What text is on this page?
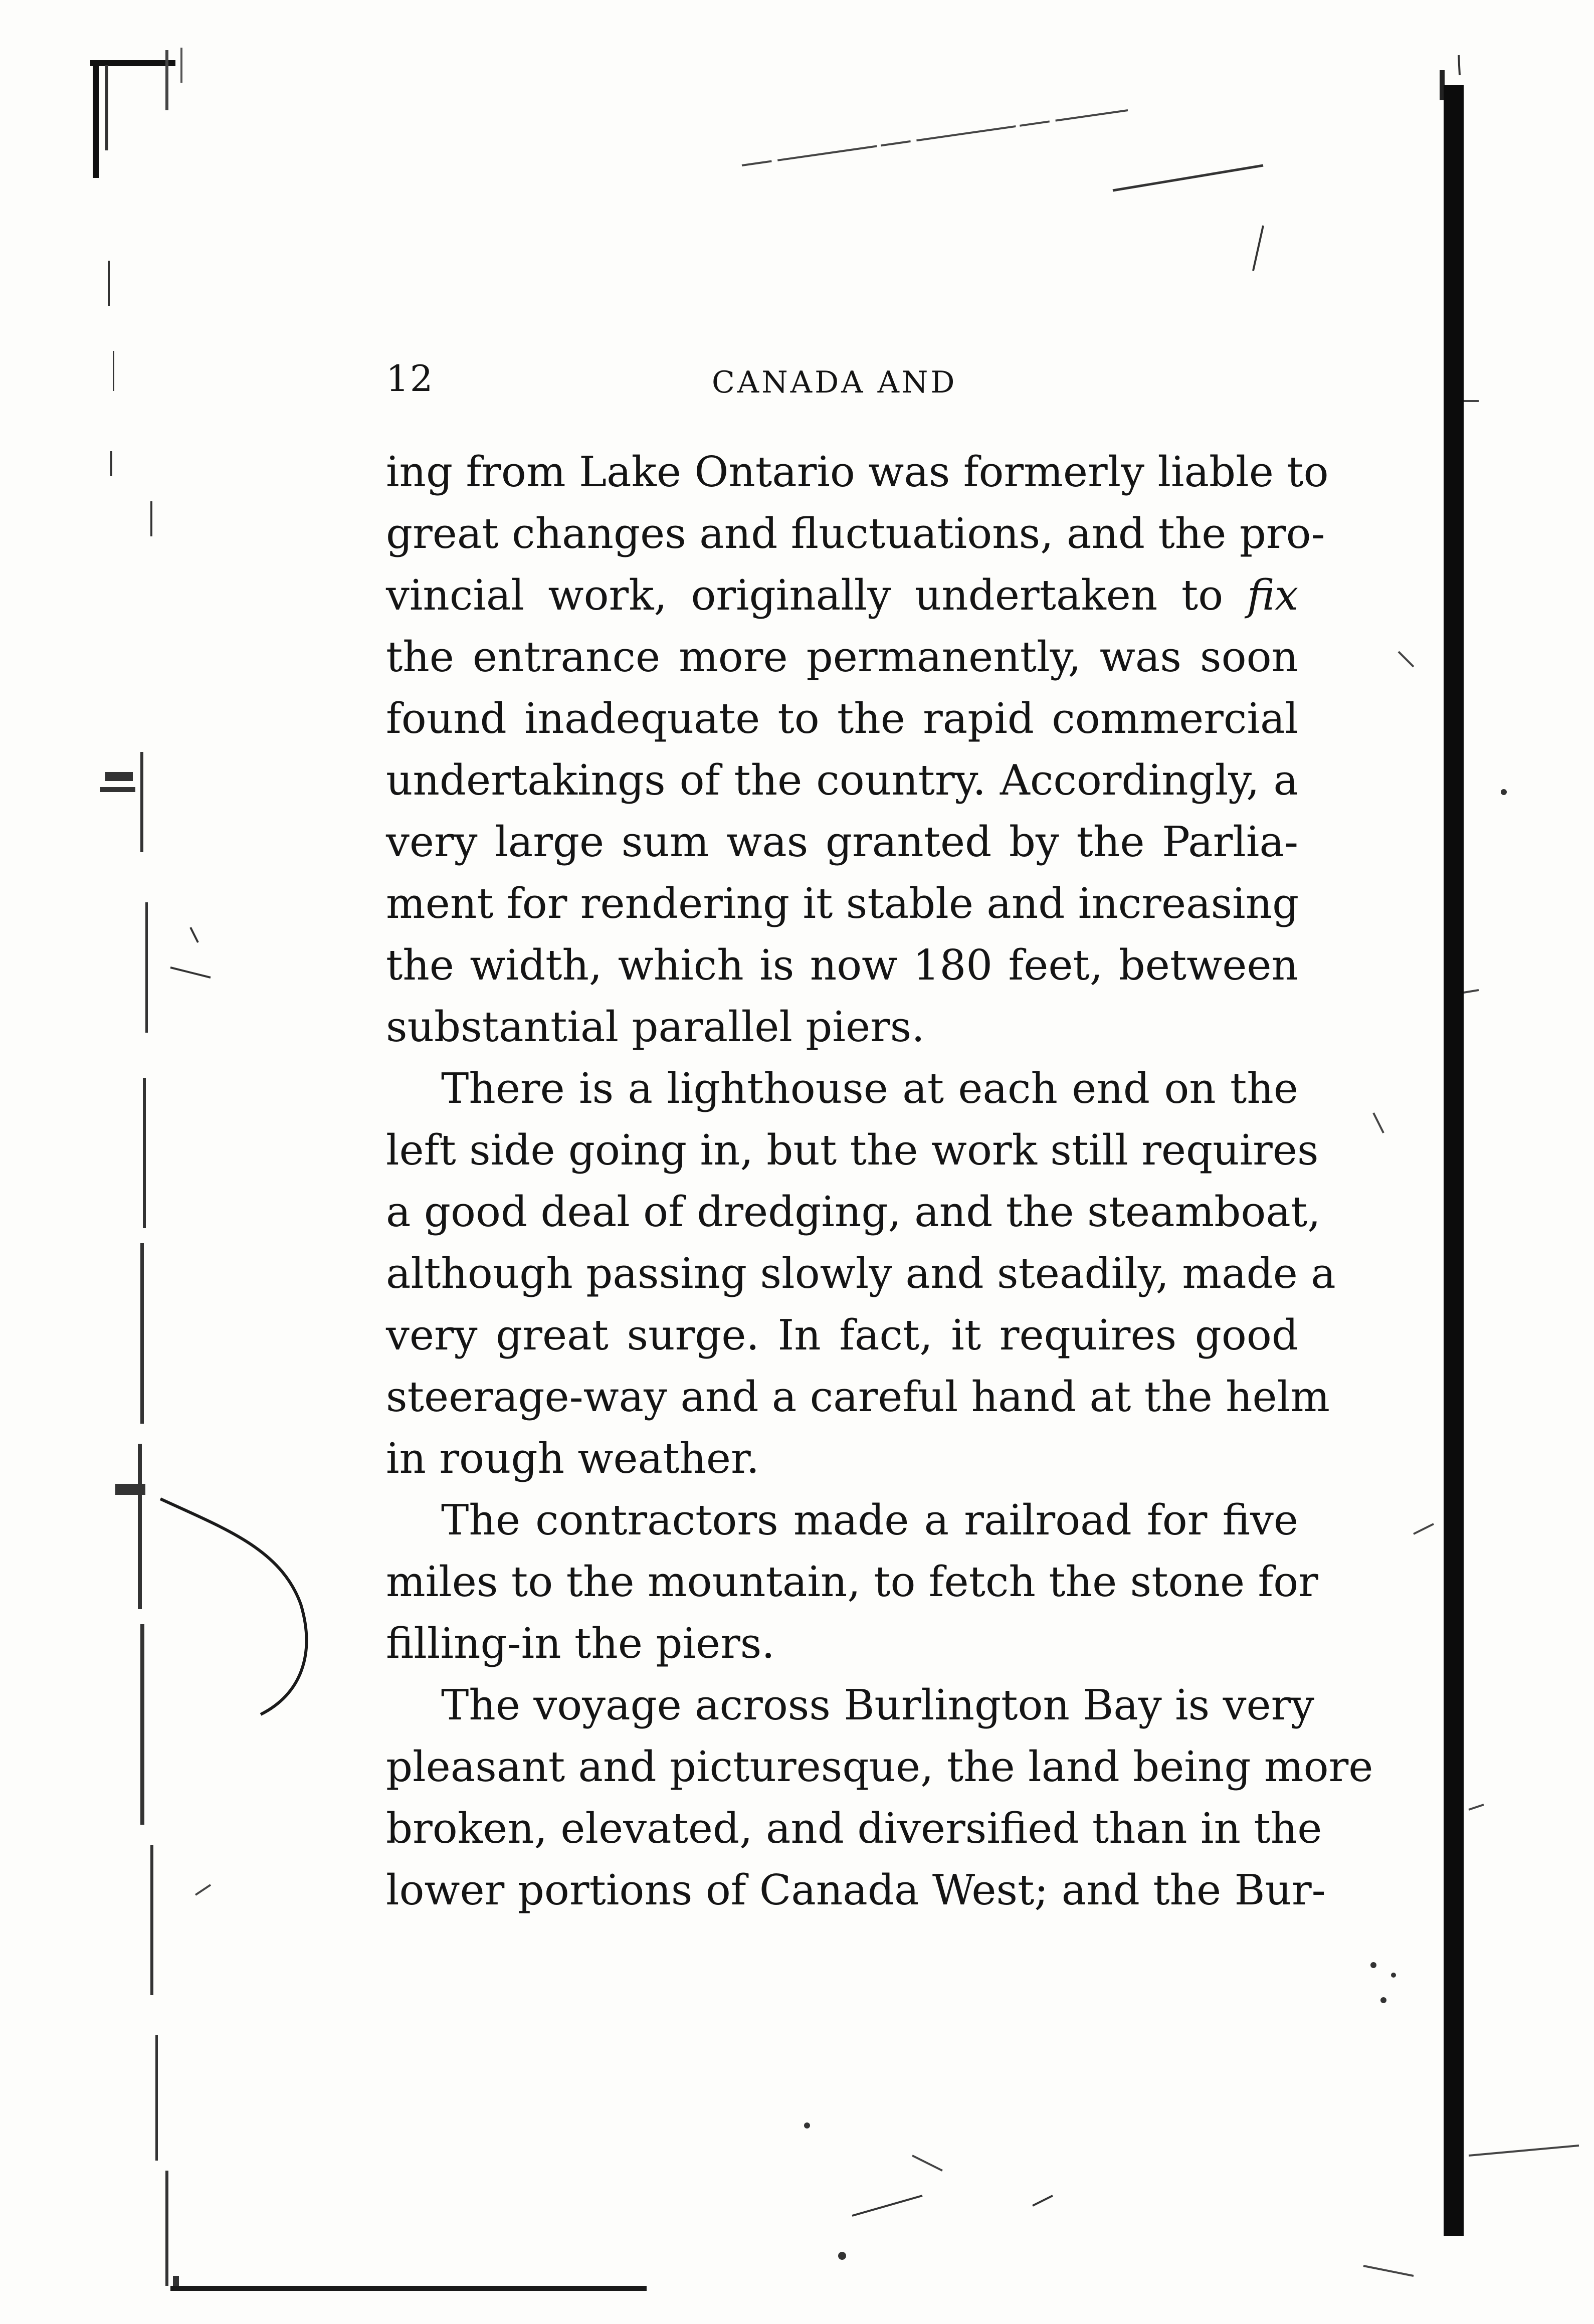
12	CANADA AND
ing from Lake Ontario was formerly liable to
great changes and fluctuations, and the pro-
vincial work, originally undertaken to fix
the entrance more permanently, was soon
found inadequate to the rapid commercial
undertakings of the country. Accordingly, a
very large sum was granted by the Parlia-
ment for rendering it stable and increasing
the width, which is now 180 feet, between
substantial parallel piers.
There is a lighthouse at each end on the
left side going in, but the work still requires
a good deal of dredging, and the steamboat,
although passing slowly and steadily, made a
very great surge. In fact, it requires good
steerage-way and a careful hand at the helm
in rough weather.
The contractors made a railroad for five
miles to the mountain, to fetch the stone for
filling-in the piers.
The voyage across Burlington Bay is very
pleasant and picturesque, the land being more
broken, elevated, and diversified than in the
lower portions of Canada West; and the Bur-
